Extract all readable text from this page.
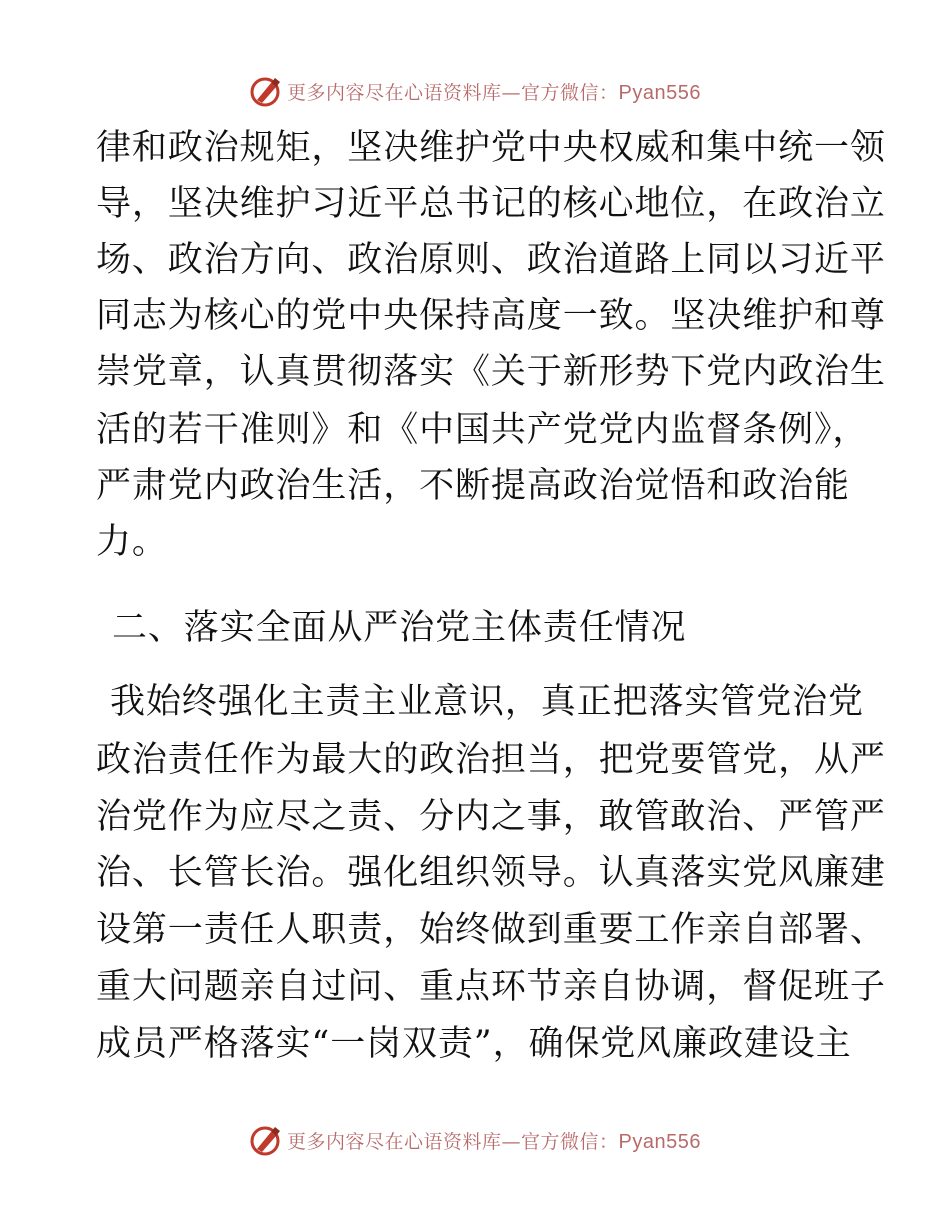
更多内容尽在心语资料库—官方微信：Pyan556
律和政治规矩，坚决维护党中央权威和集中统一领
导，坚决维护习近平总书记的核心地位，在政治立
场、政治方向、政治原则、政治道路上同以习近平
同志为核心的党中央保持高度一致。坚决维护和尊
崇党章，认真贯彻落实《关于新形势下党内政治生
活的若干准则》和《中国共产党党内监督条例》，
严肃党内政治生活，不断提高政治觉悟和政治能
力。
二、落实全面从严治党主体责任情况
我始终强化主责主业意识，真正把落实管党治党
政治责任作为最大的政治担当，把党要管党，从严
治党作为应尽之责、分内之事，敢管敢治、严管严
治、长管长治。强化组织领导。认真落实党风廉建
设第一责任人职责，始终做到重要工作亲自部署、
重大问题亲自过问、重点环节亲自协调，督促班子
成员严格落实“一岗双责”，确保党风廉政建设主
更多内容尽在心语资料库—官方微信：Pyan556
